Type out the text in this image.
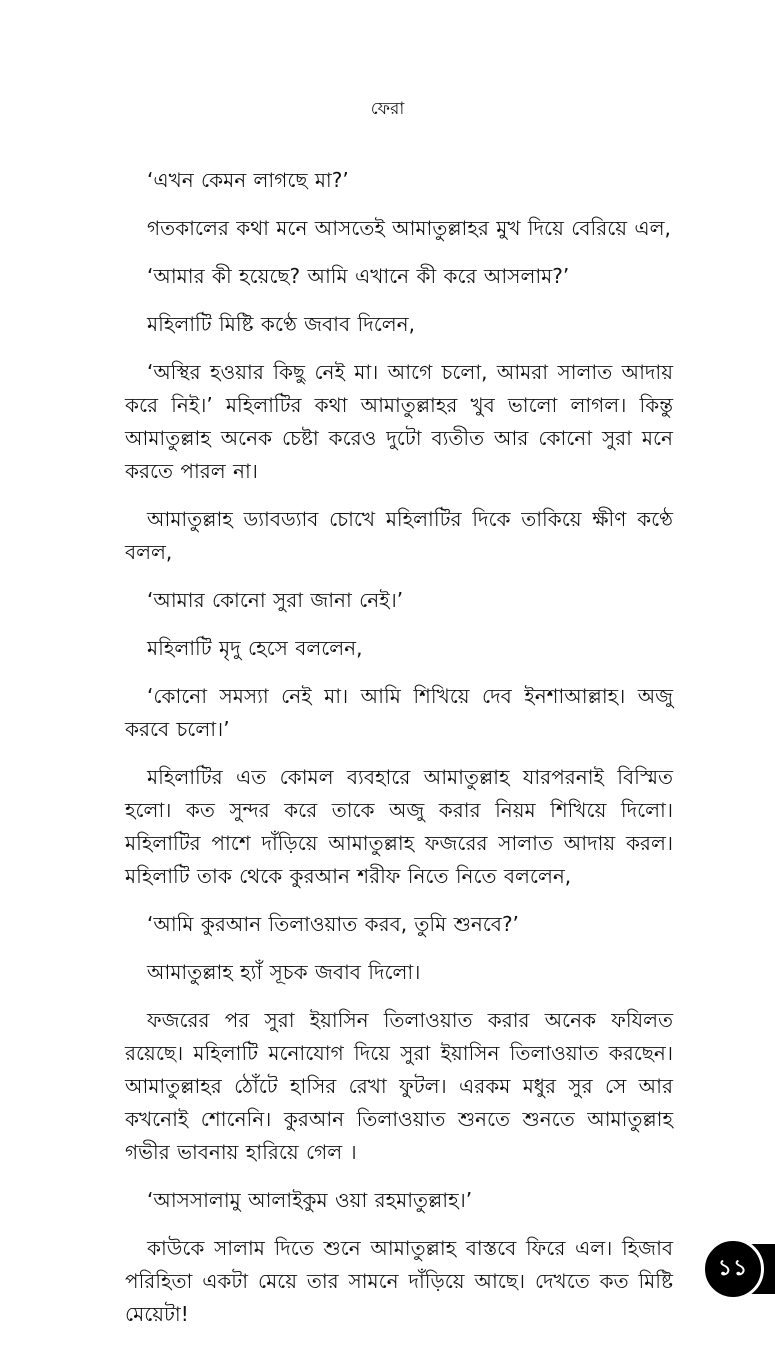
ফেরা

‘এখন কেমন লাগছে মা?’

গতকালের কথা মনে আসতেই আমাতুল্লাহর মুখ দিয়ে বেরিয়ে এল,

‘আমার কী হয়েছে? আমি এখানে কী করে আসলাম?’

মহিলাটি মিষ্টি কণ্ঠে জবাব দিলেন,

‘অস্থির হওয়ার কিছু নেই মা। আগে চলো, আমরা সালাত আদায় করে নিই।’ মহিলাটির কথা আমাতুল্লাহর খুব ভালো লাগল। কিন্তু আমাতুল্লাহ অনেক চেষ্টা করেও দুটো ব্যতীত আর কোনো সুরা মনে করতে পারল না।

আমাতুল্লাহ ড্যাবড্যাব চোখে মহিলাটির দিকে তাকিয়ে ক্ষীণ কণ্ঠে বলল,

‘আমার কোনো সুরা জানা নেই।’

মহিলাটি মৃদু হেসে বললেন,

‘কোনো সমস্যা নেই মা। আমি শিখিয়ে দেব ইনশাআল্লাহ। অজু করবে চলো।’

মহিলাটির এত কোমল ব্যবহারে আমাতুল্লাহ যারপরনাই বিস্মিত হলো। কত সুন্দর করে তাকে অজু করার নিয়ম শিখিয়ে দিলো। মহিলাটির পাশে দাঁড়িয়ে আমাতুল্লাহ ফজরের সালাত আদায় করল। মহিলাটি তাক থেকে কুরআন শরীফ নিতে নিতে বললেন,

‘আমি কুরআন তিলাওয়াত করব, তুমি শুনবে?’

আমাতুল্লাহ হ্যাঁ সূচক জবাব দিলো।

ফজরের পর সুরা ইয়াসিন তিলাওয়াত করার অনেক ফযিলত রয়েছে। মহিলাটি মনোযোগ দিয়ে সুরা ইয়াসিন তিলাওয়াত করছেন। আমাতুল্লাহর ঠোঁটে হাসির রেখা ফুটল। এরকম মধুর সুর সে আর কখনোই শোনেনি। কুরআন তিলাওয়াত শুনতে শুনতে আমাতুল্লাহ গভীর ভাবনায় হারিয়ে গেল ।

‘আসসালামু আলাইকুম ওয়া রহমাতুল্লাহ।’

কাউকে সালাম দিতে শুনে আমাতুল্লাহ বাস্তবে ফিরে এল। হিজাব পরিহিতা একটা মেয়ে তার সামনে দাঁড়িয়ে আছে। দেখতে কত মিষ্টি মেয়েটা!

১১
